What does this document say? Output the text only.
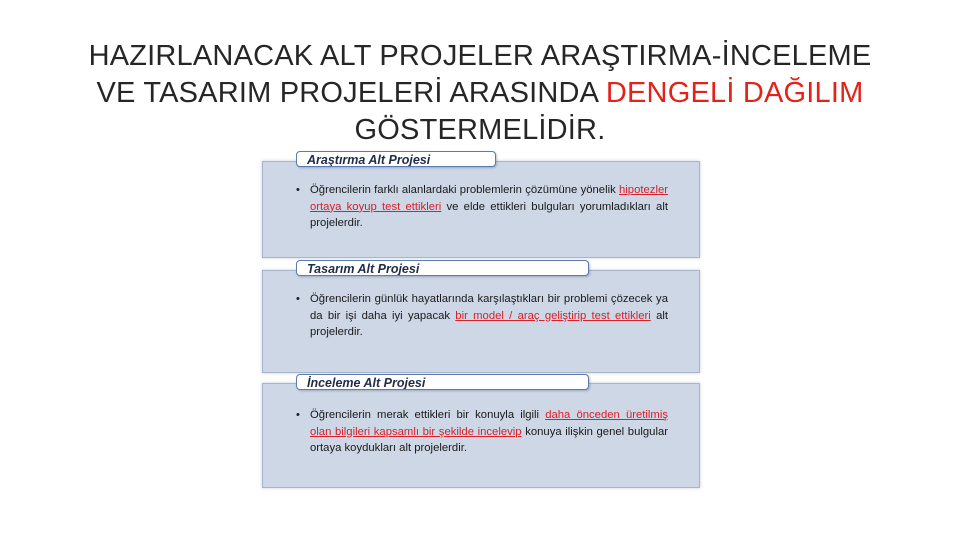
HAZIRLANACAK ALT PROJELER ARAŞTIRMA-İNCELEME
VE TASARIM PROJELERİ ARASINDA DENGELİ DAĞILIM
GÖSTERMELİDİR.
Araştırma Alt Projesi
• Öğrencilerin farklı alanlardaki problemlerin çözümüne yönelik hipotezler ortaya koyup test ettikleri ve elde ettikleri bulguları yorumladıkları alt projelerdir.
Tasarım Alt Projesi
• Öğrencilerin günlük hayatlarında karşılaştıkları bir problemi çözecek ya da bir işi daha iyi yapacak bir model / araç geliştirip test ettikleri alt projelerdir.
İnceleme Alt Projesi
• Öğrencilerin merak ettikleri bir konuyla ilgili daha önceden üretilmiş olan bilgileri kapsamlı bir şekilde incelevip konuya ilişkin genel bulgular ortaya koydukları alt projelerdir.
